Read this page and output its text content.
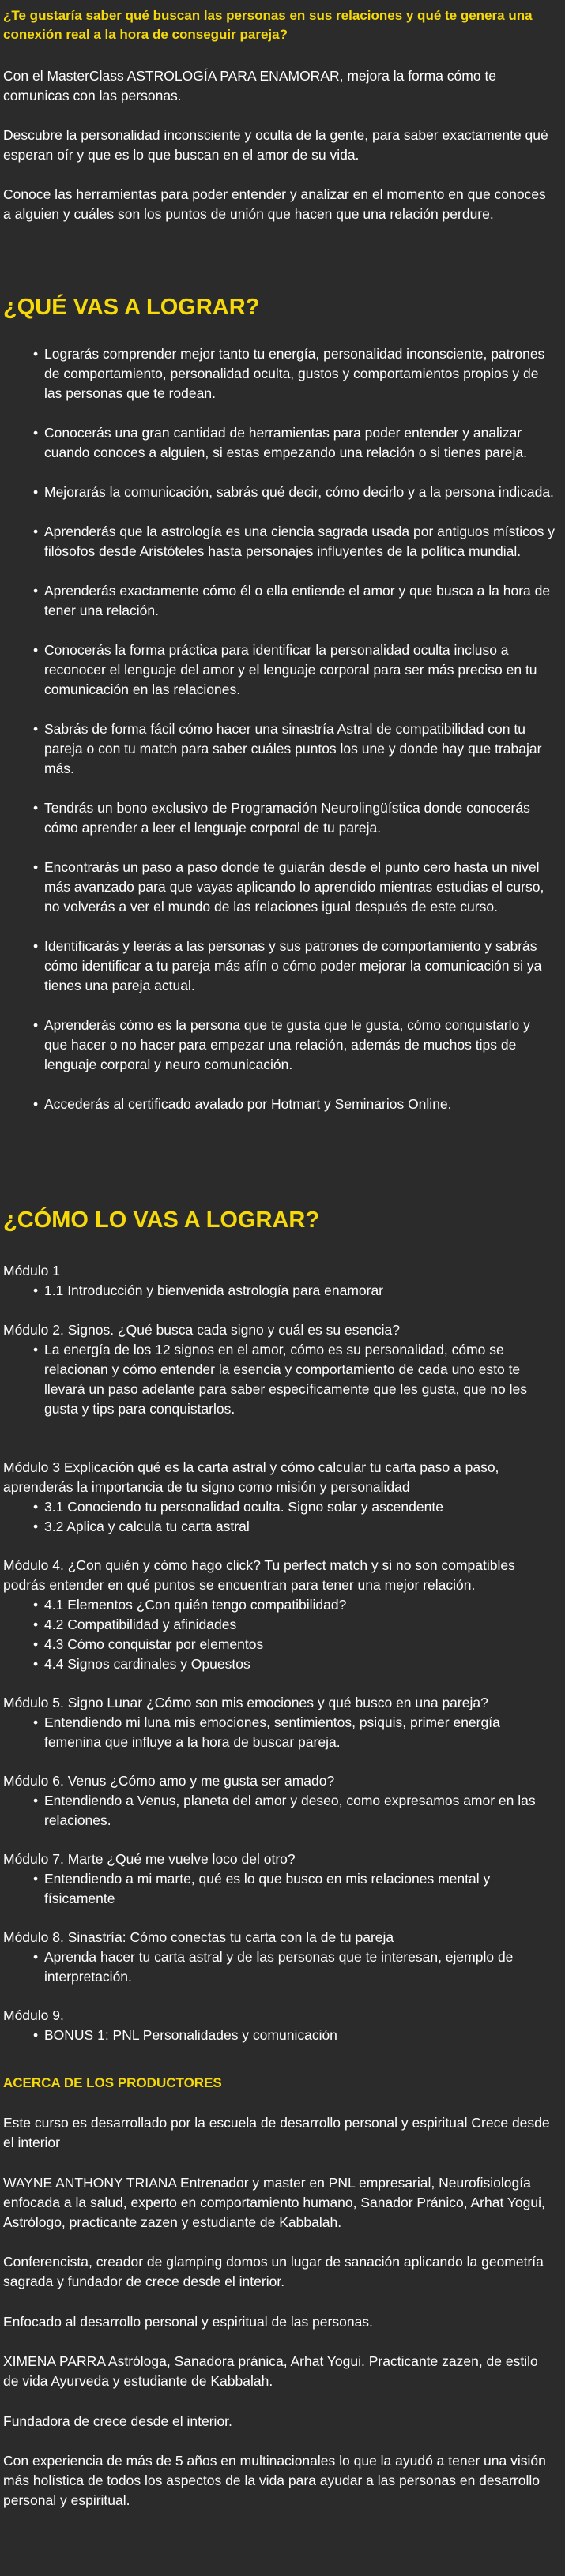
¿Te gustaría saber qué buscan las personas en sus relaciones y qué te genera una conexión real a la hora de conseguir pareja?

Con el MasterClass ASTROLOGÍA PARA ENAMORAR, mejora la forma cómo te comunicas con las personas.

Descubre la personalidad inconsciente y oculta de la gente, para saber exactamente qué esperan oír y que es lo que buscan en el amor de su vida.

Conoce las herramientas para poder entender y analizar en el momento en que conoces a alguien y cuáles son los puntos de unión que hacen que una relación perdure.

¿QUÉ VAS A LOGRAR?
• Lograrás comprender mejor tanto tu energía, personalidad inconsciente, patrones de comportamiento, personalidad oculta, gustos y comportamientos propios y de las personas que te rodean.
• Conocerás una gran cantidad de herramientas para poder entender y analizar cuando conoces a alguien, si estas empezando una relación o si tienes pareja.
• Mejorarás la comunicación, sabrás qué decir, cómo decirlo y a la persona indicada.
• Aprenderás que la astrología es una ciencia sagrada usada por antiguos místicos y filósofos desde Aristóteles hasta personajes influyentes de la política mundial.
• Aprenderás exactamente cómo él o ella entiende el amor y que busca a la hora de tener una relación.
• Conocerás la forma práctica para identificar la personalidad oculta incluso a reconocer el lenguaje del amor y el lenguaje corporal para ser más preciso en tu comunicación en las relaciones.
• Sabrás de forma fácil cómo hacer una sinastría Astral de compatibilidad con tu pareja o con tu match para saber cuáles puntos los une y donde hay que trabajar más.
• Tendrás un bono exclusivo de Programación Neurolingüística donde conocerás cómo aprender a leer el lenguaje corporal de tu pareja.
• Encontrarás un paso a paso donde te guiarán desde el punto cero hasta un nivel más avanzado para que vayas aplicando lo aprendido mientras estudias el curso, no volverás a ver el mundo de las relaciones igual después de este curso.
• Identificarás y leerás a las personas y sus patrones de comportamiento y sabrás cómo identificar a tu pareja más afín o cómo poder mejorar la comunicación si ya tienes una pareja actual.
• Aprenderás cómo es la persona que te gusta que le gusta, cómo conquistarlo y que hacer o no hacer para empezar una relación, además de muchos tips de lenguaje corporal y neuro comunicación.
• Accederás al certificado avalado por Hotmart y Seminarios Online.
¿CÓMO LO VAS A LOGRAR?
Módulo 1
• 1.1 Introducción y bienvenida astrología para enamorar
Módulo 2. Signos. ¿Qué busca cada signo y cuál es su esencia?
• La energía de los 12 signos en el amor, cómo es su personalidad, cómo se relacionan y cómo entender la esencia y comportamiento de cada uno esto te llevará un paso adelante para saber específicamente que les gusta, que no les gusta y tips para conquistarlos.
Módulo 3 Explicación qué es la carta astral y cómo calcular tu carta paso a paso, aprenderás la importancia de tu signo como misión y personalidad
• 3.1 Conociendo tu personalidad oculta. Signo solar y ascendente
• 3.2 Aplica y calcula tu carta astral
Módulo 4. ¿Con quién y cómo hago click? Tu perfect match y si no son compatibles podrás entender en qué puntos se encuentran para tener una mejor relación.
• 4.1 Elementos ¿Con quién tengo compatibilidad?
• 4.2 Compatibilidad y afinidades
• 4.3 Cómo conquistar por elementos
• 4.4 Signos cardinales y Opuestos
Módulo 5. Signo Lunar ¿Cómo son mis emociones y qué busco en una pareja?
• Entendiendo mi luna mis emociones, sentimientos, psiquis, primer energía femenina que influye a la hora de buscar pareja.
Módulo 6. Venus ¿Cómo amo y me gusta ser amado?
• Entendiendo a Venus, planeta del amor y deseo, como expresamos amor en las relaciones.
Módulo 7. Marte ¿Qué me vuelve loco del otro?
• Entendiendo a mi marte, qué es lo que busco en mis relaciones mental y físicamente
Módulo 8. Sinastría: Cómo conectas tu carta con la de tu pareja
• Aprenda hacer tu carta astral y de las personas que te interesan, ejemplo de interpretación.
Módulo 9.
• BONUS 1: PNL Personalidades y comunicación

ACERCA DE LOS PRODUCTORES

Este curso es desarrollado por la escuela de desarrollo personal y espiritual Crece desde el interior

WAYNE ANTHONY TRIANA Entrenador y master en PNL empresarial, Neurofisiología enfocada a la salud, experto en comportamiento humano, Sanador Pránico, Arhat Yogui, Astrólogo, practicante zazen y estudiante de Kabbalah.

Conferencista, creador de glamping domos un lugar de sanación aplicando la geometría sagrada y fundador de crece desde el interior.

Enfocado al desarrollo personal y espiritual de las personas.

XIMENA PARRA Astróloga, Sanadora pránica, Arhat Yogui. Practicante zazen, de estilo de vida Ayurveda y estudiante de Kabbalah.

Fundadora de crece desde el interior.

Con experiencia de más de 5 años en multinacionales lo que la ayudó a tener una visión más holística de todos los aspectos de la vida para ayudar a las personas en desarrollo personal y espiritual.
